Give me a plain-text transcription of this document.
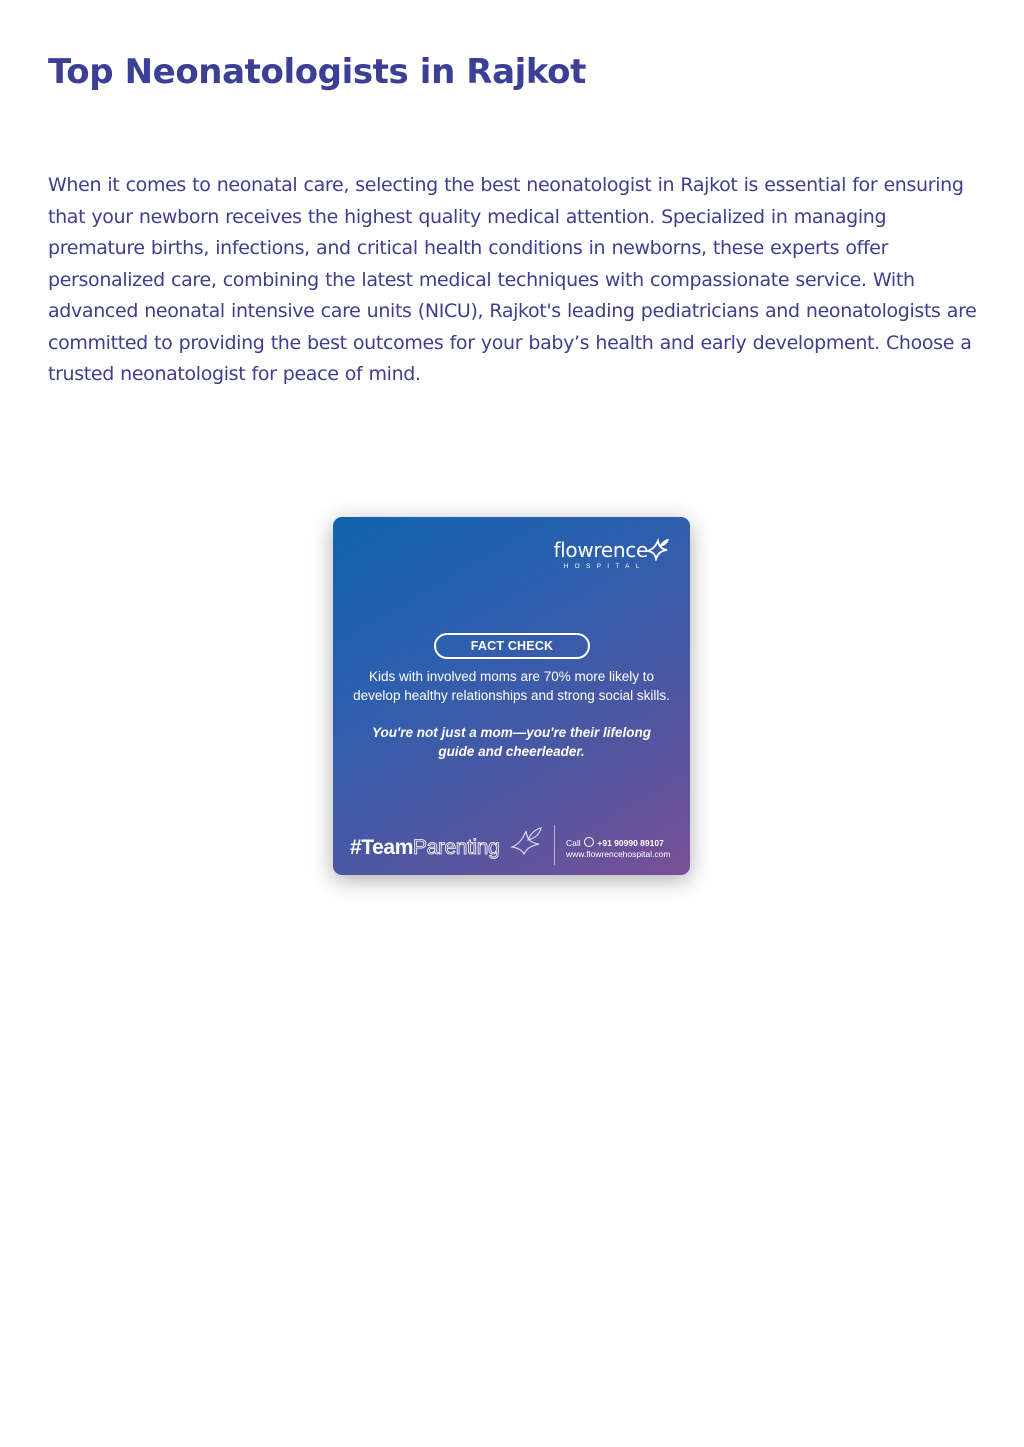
Top Neonatologists in Rajkot

When it comes to neonatal care, selecting the best neonatologist in Rajkot is essential for ensuring that your newborn receives the highest quality medical attention. Specialized in managing premature births, infections, and critical health conditions in newborns, these experts offer personalized care, combining the latest medical techniques with compassionate service. With advanced neonatal intensive care units (NICU), Rajkot's leading pediatricians and neonatologists are committed to providing the best outcomes for your baby’s health and early development. Choose a trusted neonatologist for peace of mind.

flowrence
HOSPITAL
FACT CHECK

Kids with involved moms are 70% more likely to develop healthy relationships and strong social skills.

You're not just a mom—you're their lifelong guide and cheerleader.

#TeamParenting	Call +91 90990 89107
www.flowrencehospital.com
